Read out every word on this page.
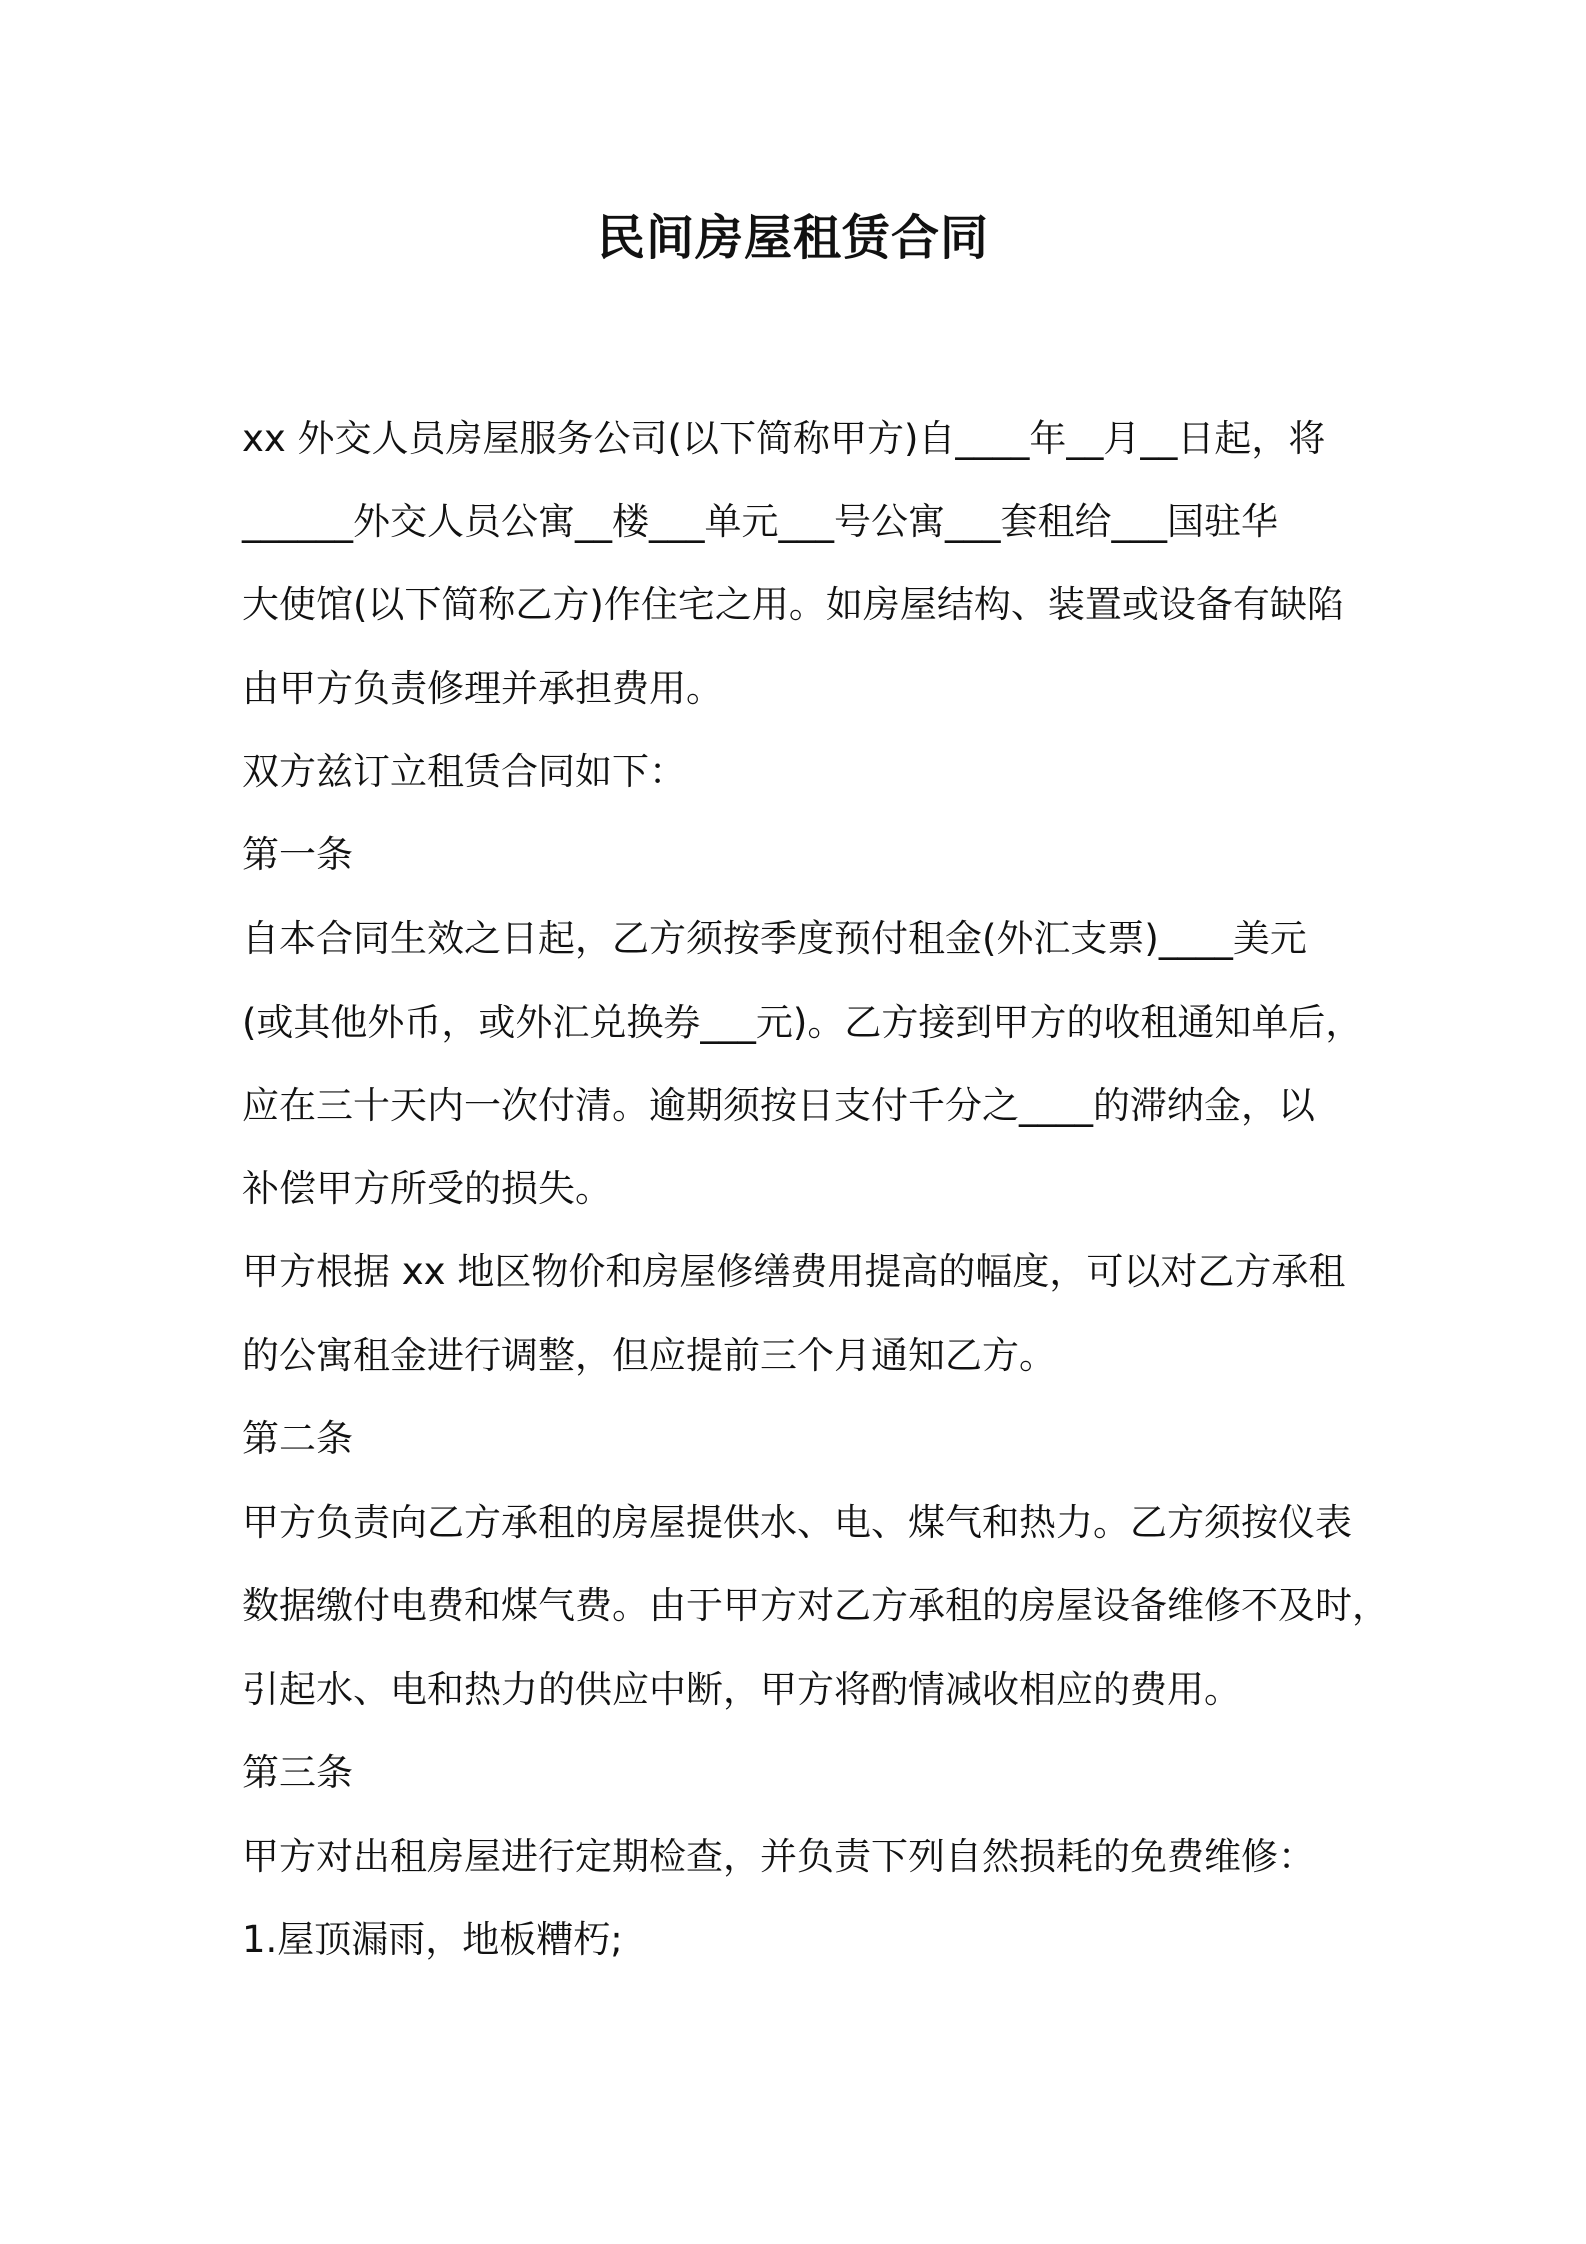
民间房屋租赁合同

xx 外交人员房屋服务公司(以下简称甲方)自____年__月__日起，将

______外交人员公寓__楼___单元___号公寓___套租给___国驻华

大使馆(以下简称乙方)作住宅之用。如房屋结构、装置或设备有缺陷

由甲方负责修理并承担费用。

双方兹订立租赁合同如下：

第一条

自本合同生效之日起，乙方须按季度预付租金(外汇支票)____美元

(或其他外币，或外汇兑换券___元)。乙方接到甲方的收租通知单后，

应在三十天内一次付清。逾期须按日支付千分之____的滞纳金，以

补偿甲方所受的损失。

甲方根据 xx 地区物价和房屋修缮费用提高的幅度，可以对乙方承租

的公寓租金进行调整，但应提前三个月通知乙方。

第二条

甲方负责向乙方承租的房屋提供水、电、煤气和热力。乙方须按仪表

数据缴付电费和煤气费。由于甲方对乙方承租的房屋设备维修不及时，

引起水、电和热力的供应中断，甲方将酌情减收相应的费用。

第三条

甲方对出租房屋进行定期检查，并负责下列自然损耗的免费维修：

1.屋顶漏雨，地板糟朽;
